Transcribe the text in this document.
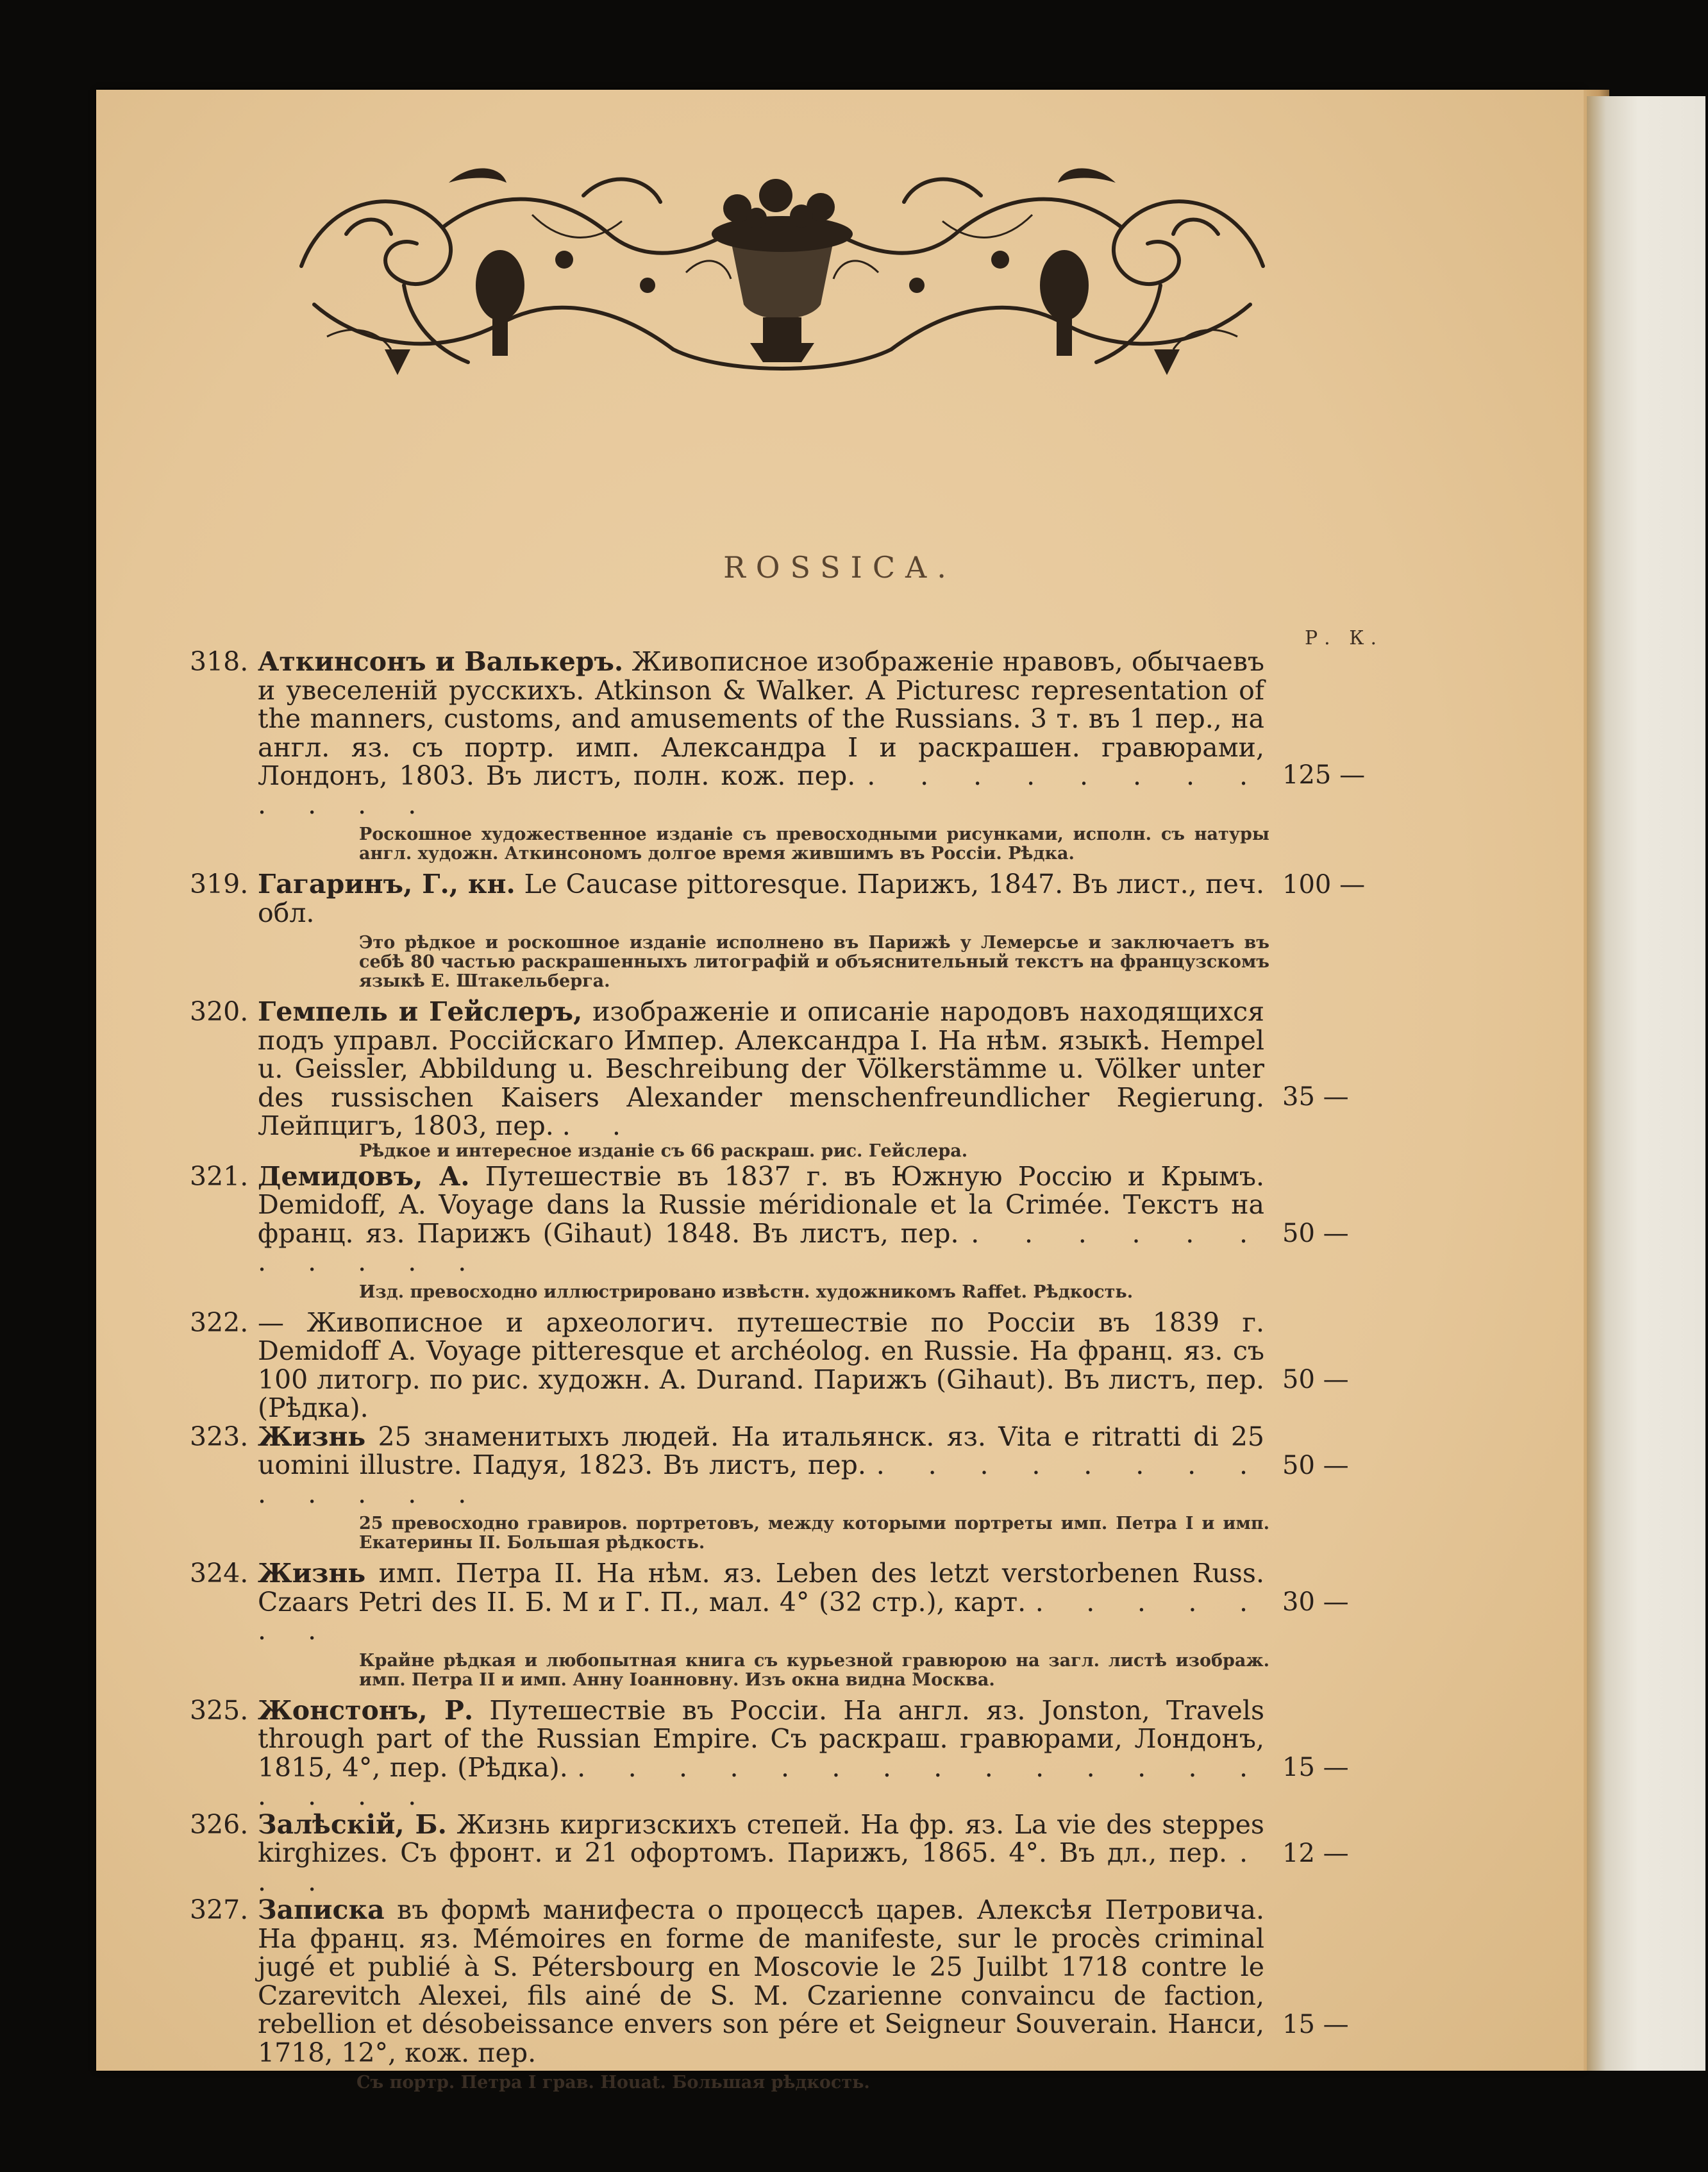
ROSSICA.
Р. К.
318. Аткинсонъ и Валькеръ. Живописное изображеніе нравовъ, обычаевъ и увеселеній русскихъ. Atkinson & Walker. A Picturesc representation of the manners, customs, and amusements of the Russians. 3 т. въ 1 пер., на англ. яз. съ портр. имп. Александра I и раскрашен. гравюрами, Лондонъ, 1803. Въ листъ, полн. кож. пер. . . . . . . . . . . . .
125 —
Роскошное художественное изданіе съ превосходными рисунками, исполн. съ натуры англ. художн. Аткинсономъ долгое время жившимъ въ Россіи. Рѣдка.
319. Гагаринъ, Г., кн. Le Caucase pittoresque. Парижъ, 1847. Въ лист., печ. обл.
100 —
Это рѣдкое и роскошное изданіе исполнено въ Парижѣ у Лемерсье и заключаетъ въ себѣ 80 частью раскрашенныхъ литографій и объяснительный текстъ на французскомъ языкѣ Е. Штакельберга.
320. Гемпель и Гейслеръ, изображеніе и описаніе народовъ находящихся подъ управл. Россійскаго Импер. Александра I. На нѣм. языкѣ. Hempel u. Geissler, Abbildung u. Beschreibung der Völkerstämme u. Völker unter des russischen Kaisers Alexander menschenfreundlicher Regierung. Лейпцигъ, 1803, пер. . .
35 —
Рѣдкое и интересное изданіе съ 66 раскраш. рис. Гейслера.
321. Демидовъ, А. Путешествіе въ 1837 г. въ Южную Россію и Крымъ. Demidoff, A. Voyage dans la Russie méridionale et la Crimée. Текстъ на франц. яз. Парижъ (Gihaut) 1848. Въ листъ, пер. . . . . . . . . . . .
50 —
Изд. превосходно иллюстрировано извѣстн. художникомъ Raffet. Рѣдкость.
322. — Живописное и археологич. путешествіе по Россіи въ 1839 г. Demidoff A. Voyage pitteresque et archéolog. en Russie. На франц. яз. съ 100 литогр. по рис. художн. A. Durand. Парижъ (Gihaut). Въ листъ, пер. (Рѣдка).
50 —
323. Жизнь 25 знаменитыхъ людей. На итальянск. яз. Vita e ritratti di 25 uomini illustre. Падуя, 1823. Въ листъ, пер. . . . . . . . . . . . . .
50 —
25 превосходно гравиров. портретовъ, между которыми портреты имп. Петра I и имп. Екатерины II. Большая рѣдкость.
324. Жизнь имп. Петра II. На нѣм. яз. Leben des letzt verstorbenen Russ. Czaars Petri des II. Б. М и Г. П., мал. 4° (32 стр.), карт. . . . . . . .
30 —
Крайне рѣдкая и любопытная книга съ курьезной гравюрою на загл. листѣ изображ. имп. Петра II и имп. Анну Іоанновну. Изъ окна видна Москва.
325. Жонстонъ, Р. Путешествіе въ Россіи. На англ. яз. Jonston, Travels through part of the Russian Empire. Съ раскраш. гравюрами, Лондонъ, 1815, 4°, пер. (Рѣдка). . . . . . . . . . . . . . . . . . .
15 —
326. Залѣскій, Б. Жизнь киргизскихъ степей. На фр. яз. La vie des steppes kirghizes. Съ фронт. и 21 офортомъ. Парижъ, 1865. 4°. Въ дл., пер. . . .
12 —
327. Записка въ формѣ манифеста о процессѣ царев. Алексѣя Петровича. На франц. яз. Mémoires en forme de manifeste, sur le procès criminal jugé et publié à S. Pétersbourg en Moscovie le 25 Juilbt 1718 contre le Czarevitch Alexei, fils ainé de S. M. Czarienne convaincu de faction, rebellion et désobeissance envers son pére et Seigneur Souverain. Нанси, 1718, 12°, кож. пер.
15 —
Съ портр. Петра I грав. Houat. Большая рѣдкость.
